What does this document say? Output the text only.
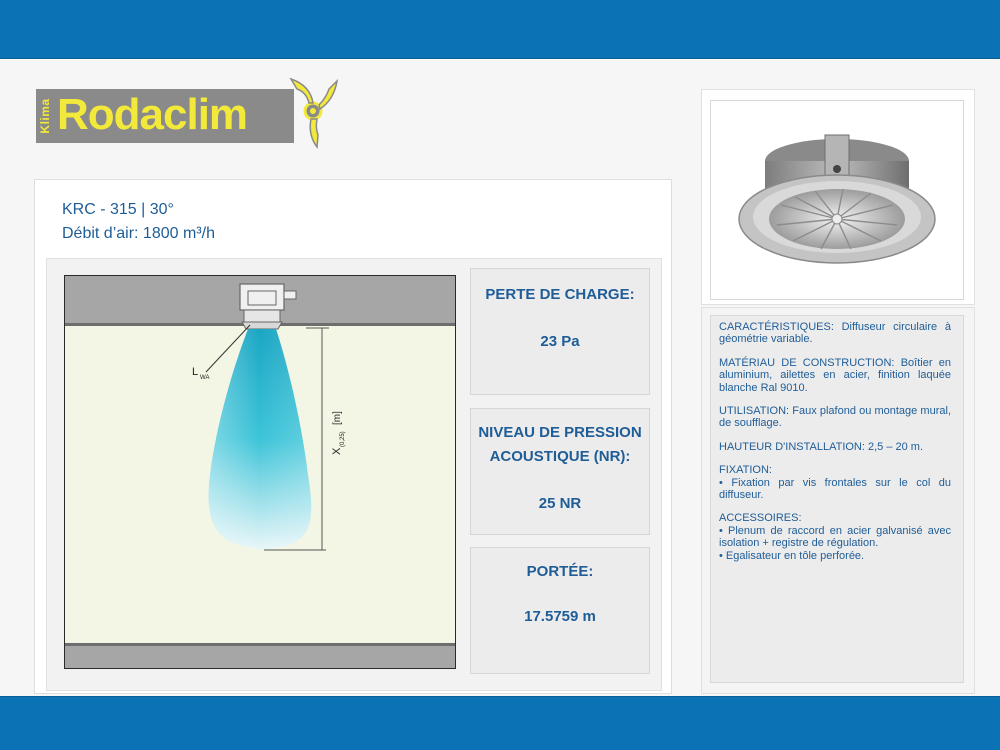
Klima Rodaclim
KRC - 315 | 30°
Débit d’air: 1800 m³/h
L WA
X
(0,25)
[m]
PERTE DE CHARGE:
23 Pa
NIVEAU DE PRESSION
ACOUSTIQUE (NR):
25 NR
PORTÉE:
17.5759 m

CARACTÉRISTIQUES: Diffuseur circulaire à géométrie variable.

MATÉRIAU DE CONSTRUCTION: Boîtier en aluminium, ailettes en acier, finition laquée blanche Ral 9010.

UTILISATION: Faux plafond ou montage mural, de soufflage.

HAUTEUR D'INSTALLATION: 2,5 – 20 m.

FIXATION:
• Fixation par vis frontales sur le col du diffuseur.

ACCESSOIRES:
• Plenum de raccord en acier galvanisé avec isolation + registre de régulation.
• Egalisateur en tôle perforée.
